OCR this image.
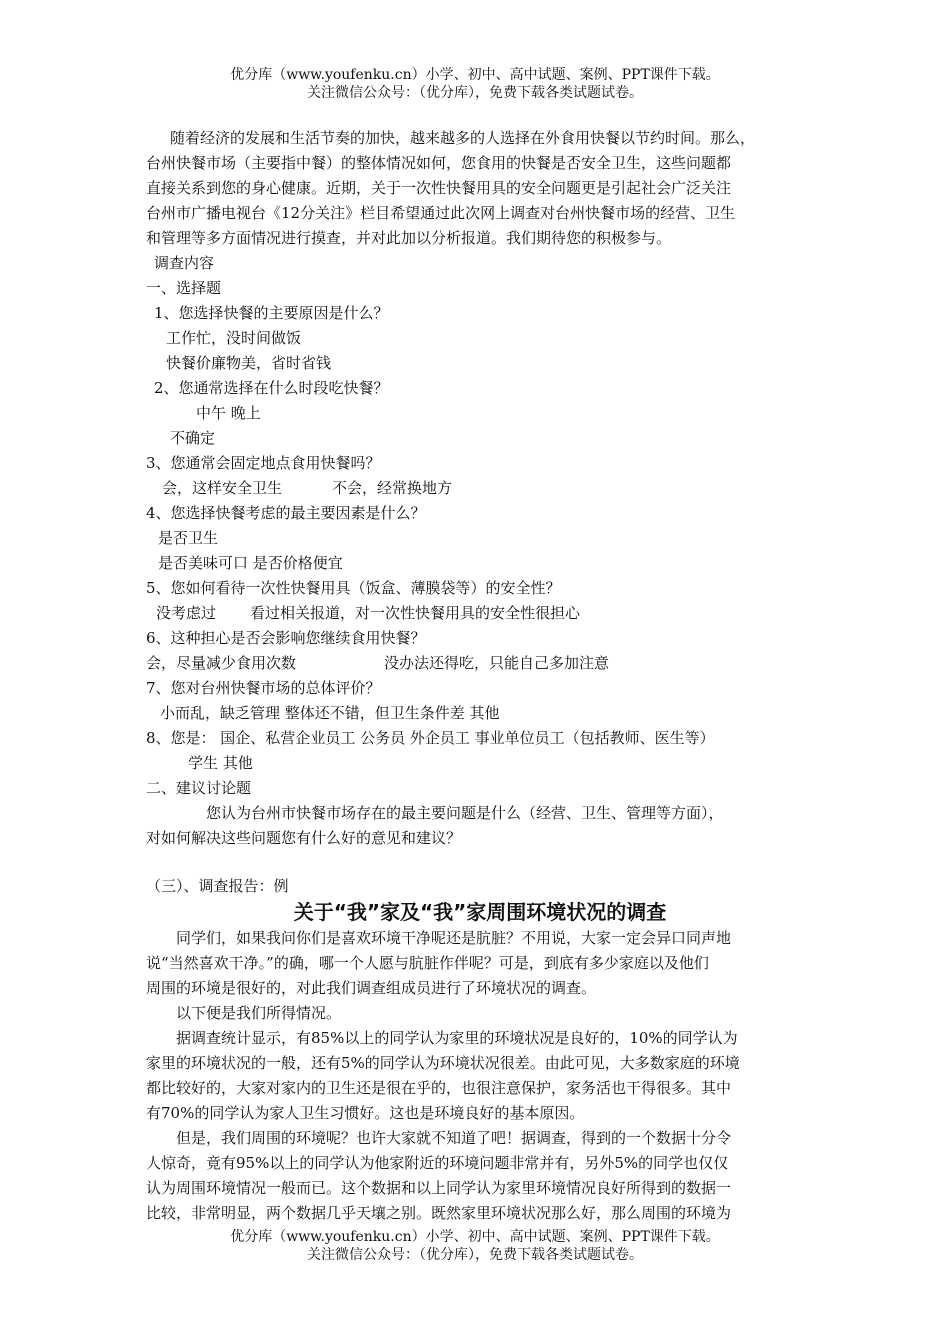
优分库（www.youfenku.cn）小学、初中、高中试题、案例、PPT课件下载。
关注微信公众号：（优分库），免费下载各类试题试卷。
随着经济的发展和生活节奏的加快，越来越多的人选择在外食用快餐以节约时间。那么，
台州快餐市场（主要指中餐）的整体情况如何，您食用的快餐是否安全卫生，这些问题都
直接关系到您的身心健康。近期，关于一次性快餐用具的安全问题更是引起社会广泛关注
台州市广播电视台《12分关注》栏目希望通过此次网上调查对台州快餐市场的经营、卫生
和管理等多方面情况进行摸查，并对此加以分析报道。我们期待您的积极参与。
调查内容
一、选择题
1、您选择快餐的主要原因是什么？
工作忙，没时间做饭
快餐价廉物美，省时省钱
2、您通常选择在什么时段吃快餐？
中午 晚上
不确定
3、您通常会固定地点食用快餐吗？
会，这样安全卫生	不会，经常换地方
4、您选择快餐考虑的最主要因素是什么？
是否卫生
是否美味可口 是否价格便宜
5、您如何看待一次性快餐用具（饭盒、薄膜袋等）的安全性？
没考虑过 看过相关报道，对一次性快餐用具的安全性很担心
6、这种担心是否会影响您继续食用快餐？
会，尽量减少食用次数	没办法还得吃，只能自己多加注意
7、您对台州快餐市场的总体评价？
小而乱，缺乏管理 整体还不错，但卫生条件差 其他
8、您是： 国企、私营企业员工 公务员 外企员工 事业单位员工（包括教师、医生等）
学生 其他
二、建议讨论题
您认为台州市快餐市场存在的最主要问题是什么（经营、卫生、管理等方面），
对如何解决这些问题您有什么好的意见和建议？
（三）、调查报告：例
关于“我”家及“我”家周围环境状况的调查
同学们，如果我问你们是喜欢环境干净呢还是肮脏？不用说，大家一定会异口同声地
说“当然喜欢干净。”的确，哪一个人愿与肮脏作伴呢？可是，到底有多少家庭以及他们
周围的环境是很好的，对此我们调查组成员进行了环境状况的调查。
以下便是我们所得情况。
据调查统计显示，有85%以上的同学认为家里的环境状况是良好的，10%的同学认为
家里的环境状况的一般，还有5%的同学认为环境状况很差。由此可见，大多数家庭的环境
都比较好的，大家对家内的卫生还是很在乎的，也很注意保护，家务活也干得很多。其中
有70%的同学认为家人卫生习惯好。这也是环境良好的基本原因。
但是，我们周围的环境呢？也许大家就不知道了吧！据调查，得到的一个数据十分令
人惊奇，竟有95%以上的同学认为他家附近的环境问题非常并有，另外5%的同学也仅仅
认为周围环境情况一般而已。这个数据和以上同学认为家里环境情况良好所得到的数据一
比较，非常明显，两个数据几乎天壤之别。既然家里环境状况那么好，那么周围的环境为
优分库（www.youfenku.cn）小学、初中、高中试题、案例、PPT课件下载。
关注微信公众号：（优分库），免费下载各类试题试卷。
